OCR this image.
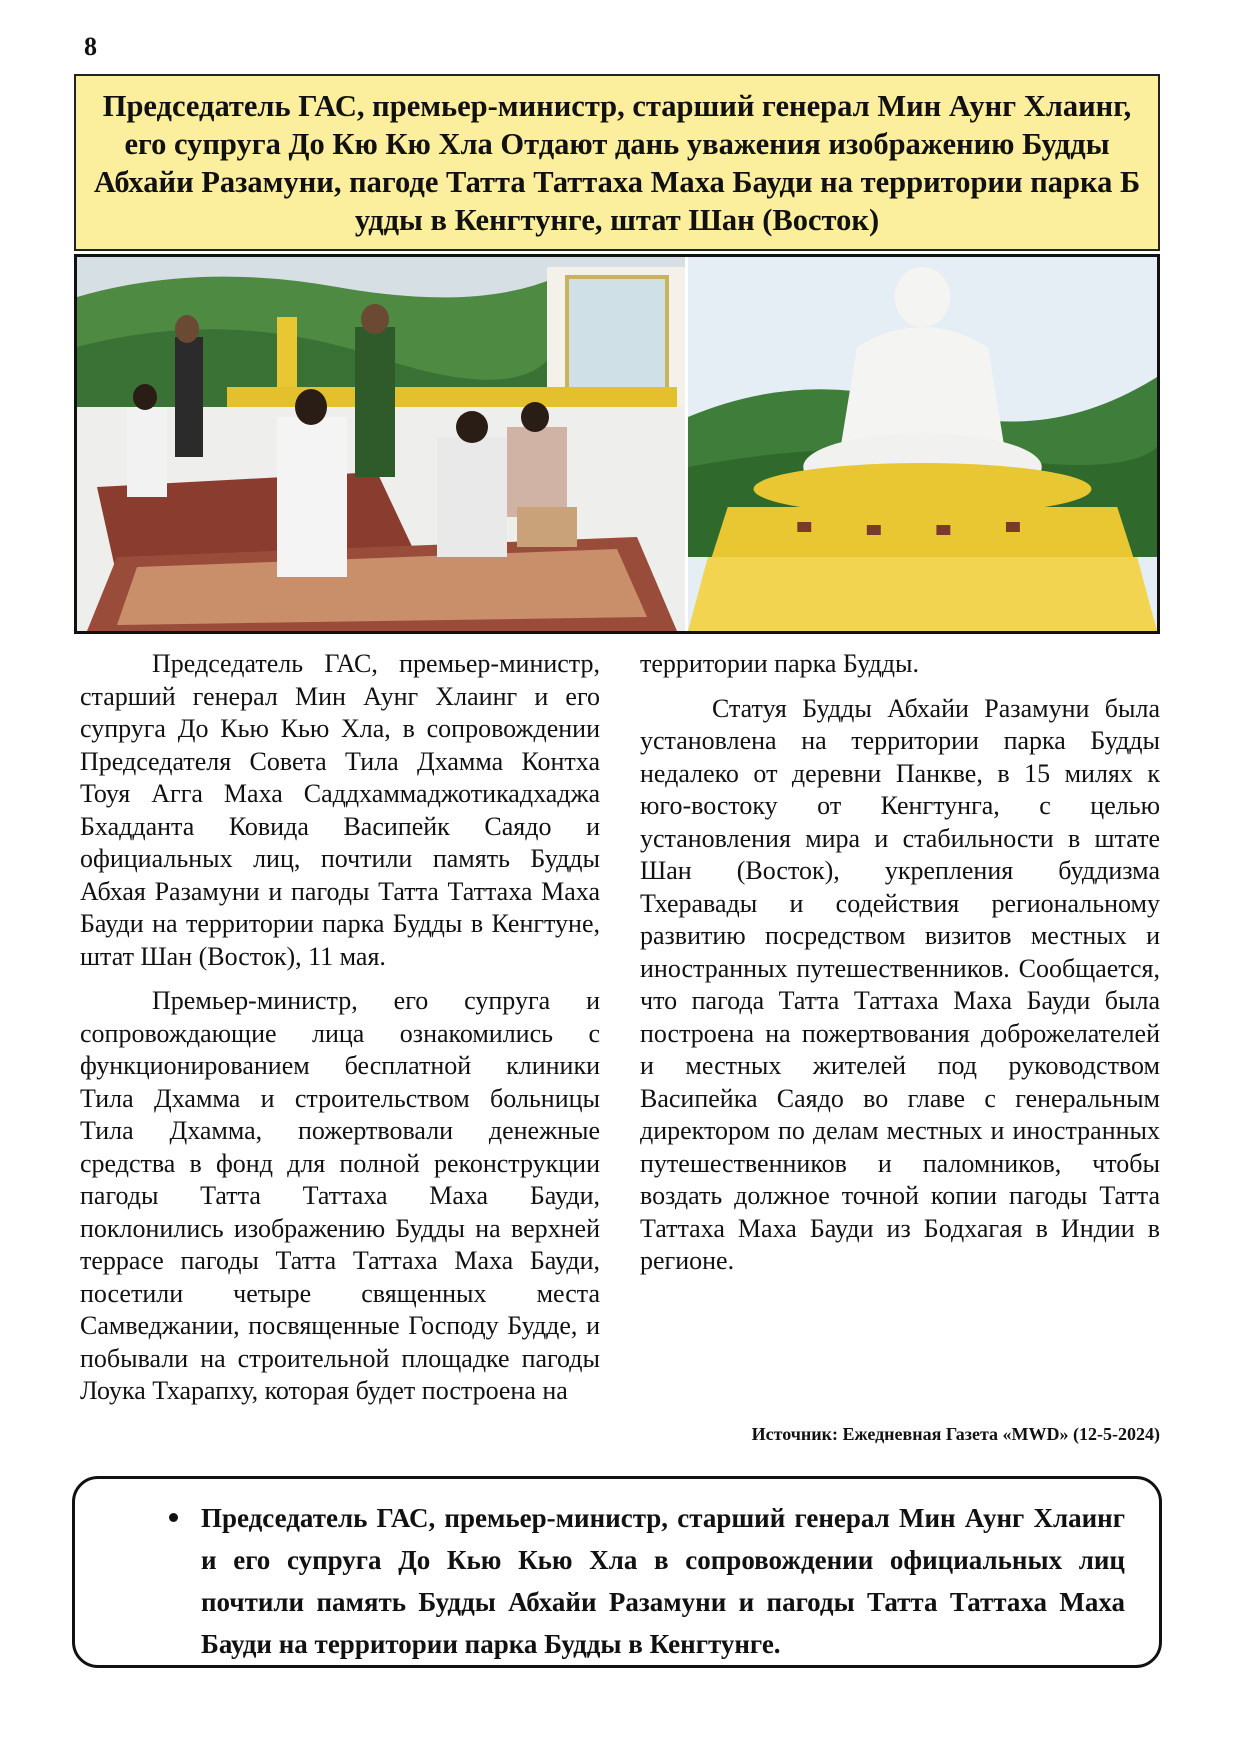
8
Председатель ГАС, премьер-министр, старший генерал Мин Аунг Хлаинг, его супруга До Кю Кю Хла Отдают дань уважения изображению Будды Абхайи Разамуни, пагоде Татта Таттаха Маха Бауди на территории парка Б удды в Кенгтунге, штат Шан (Восток)

Председатель ГАС, премьер-министр, старший генерал Мин Аунг Хлаинг и его супруга До Кью Кью Хла, в сопровождении Председателя Совета Тила Дхамма Контха Тоуя Агга Маха Саддхаммаджотикадхаджа Бхадданта Ковида Васипейк Саядо и официальных лиц, почтили память Будды Абхая Разамуни и пагоды Татта Таттаха Маха Бауди на территории парка Будды в Кенгтуне, штат Шан (Восток), 11 мая.

Премьер-министр, его супруга и сопровождающие лица ознакомились с функционированием бесплатной клиники Тила Дхамма и строительством больницы Тила Дхамма, пожертвовали денежные средства в фонд для полной реконструкции пагоды Татта Таттаха Маха Бауди, поклонились изображению Будды на верхней террасе пагоды Татта Таттаха Маха Бауди, посетили четыре священных места Самведжании, посвященные Господу Будде, и побывали на строительной площадке пагоды Лоука Тхарапху, которая будет построена на

территории парка Будды.

Статуя Будды Абхайи Разамуни была установлена на территории парка Будды недалеко от деревни Панкве, в 15 милях к юго-востоку от Кенгтунга, с целью установления мира и стабильности в штате Шан (Восток), укрепления буддизма Тхеравады и содействия региональному развитию посредством визитов местных и иностранных путешественников. Сообщается, что пагода Татта Таттаха Маха Бауди была построена на пожертвования доброжелателей и местных жителей под руководством Васипейка Саядо во главе с генеральным директором по делам местных и иностранных путешественников и паломников, чтобы воздать должное точной копии пагоды Татта Таттаха Маха Бауди из Бодхагая в Индии в регионе.

Источник: Ежедневная Газета «MWD» (12-5-2024)
Председатель ГАС, премьер-министр, старший генерал Мин Аунг Хлаинг и его супруга До Кью Кью Хла в сопровождении официальных лиц почтили память Будды Абхайи Разамуни и пагоды Татта Таттаха Маха Бауди на территории парка Будды в Кенгтунге.
